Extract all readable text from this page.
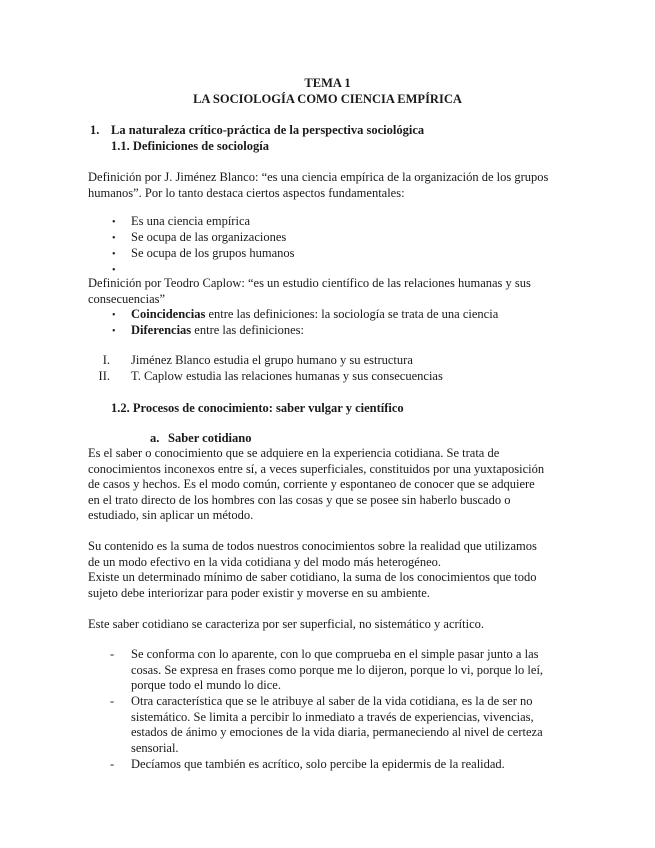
TEMA 1
LA SOCIOLOGÍA COMO CIENCIA EMPÍRICA
1. La naturaleza crítico-práctica de la perspectiva sociológica
1.1. Definiciones de sociología
Definición por J. Jiménez Blanco: “es una ciencia empírica de la organización de los grupos
humanos”. Por lo tanto destaca ciertos aspectos fundamentales:
• Es una ciencia empírica
• Se ocupa de las organizaciones
• Se ocupa de los grupos humanos
•
Definición por Teodro Caplow: “es un estudio científico de las relaciones humanas y sus
consecuencias”
• Coincidencias entre las definiciones: la sociología se trata de una ciencia
• Diferencias entre las definiciones:
I. Jiménez Blanco estudia el grupo humano y su estructura
II. T. Caplow estudia las relaciones humanas y sus consecuencias
1.2. Procesos de conocimiento: saber vulgar y científico
a. Saber cotidiano
Es el saber o conocimiento que se adquiere en la experiencia cotidiana. Se trata de
conocimientos inconexos entre sí, a veces superficiales, constituidos por una yuxtaposición
de casos y hechos. Es el modo común, corriente y espontaneo de conocer que se adquiere
en el trato directo de los hombres con las cosas y que se posee sin haberlo buscado o
estudiado, sin aplicar un método.
Su contenido es la suma de todos nuestros conocimientos sobre la realidad que utilizamos
de un modo efectivo en la vida cotidiana y del modo más heterogéneo.
Existe un determinado mínimo de saber cotidiano, la suma de los conocimientos que todo
sujeto debe interiorizar para poder existir y moverse en su ambiente.
Este saber cotidiano se caracteriza por ser superficial, no sistemático y acrítico.
- Se conforma con lo aparente, con lo que comprueba en el simple pasar junto a las
cosas. Se expresa en frases como porque me lo dijeron, porque lo vi, porque lo leí,
porque todo el mundo lo dice.
- Otra característica que se le atribuye al saber de la vida cotidiana, es la de ser no
sistemático. Se limita a percibir lo inmediato a través de experiencias, vivencias,
estados de ánimo y emociones de la vida diaria, permaneciendo al nivel de certeza
sensorial.
- Decíamos que también es acrítico, solo percibe la epidermis de la realidad.
